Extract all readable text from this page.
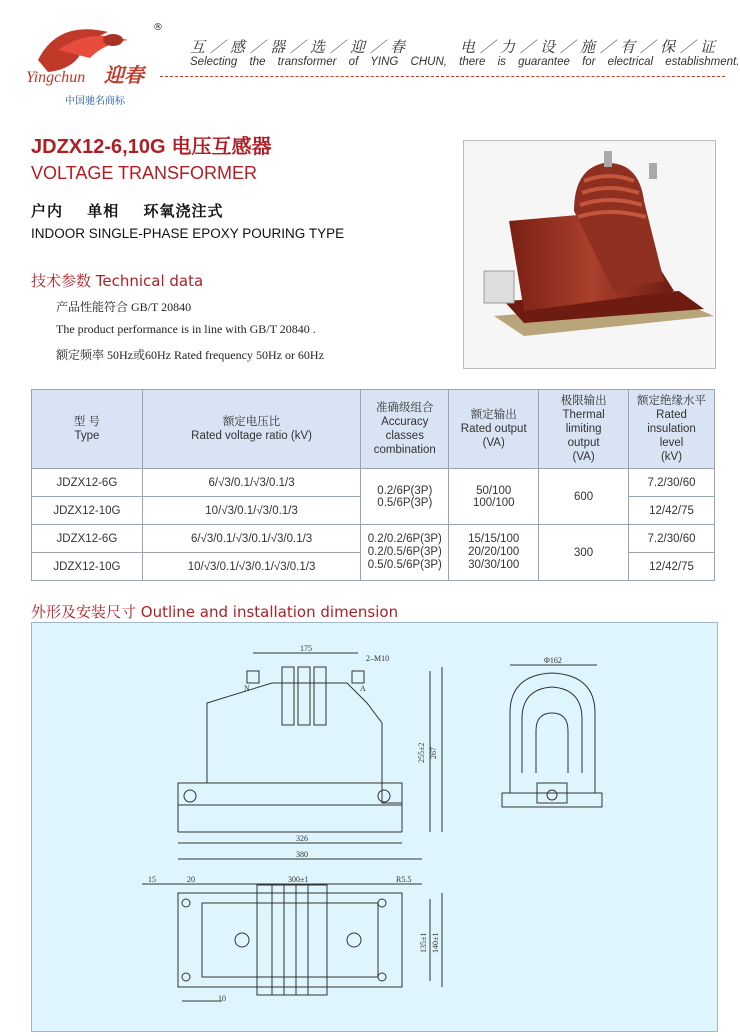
Yingchun 迎春
®
互／感／器／选／迎／春	电／力／设／施／有／保／证
Selecting the transformer of YING CHUN, there is guarantee for electrical establishment.
中国驰名商标
JDZX12-6,10G 电压互感器
VOLTAGE TRANSFORMER
户内 单相 环氧浇注式
INDOOR SINGLE-PHASE EPOXY POURING TYPE
技术参数 Technical data
产品性能符合 GB/T 20840
The product performance is in line with GB/T 20840 .
额定频率 50Hz或60Hz Rated frequency 50Hz or 60Hz
型 号
Type	额定电压比
Rated voltage ratio (kV)	准确级组合
Accuracy
classes
combination	额定输出
Rated output
(VA)	极限输出
Thermal
limiting
output
(VA)	额定绝缘水平
Rated
insulation
level
(kV)
JDZX12-6G	6/√3/0.1/√3/0.1/3	0.2/6P(3P)
0.5/6P(3P)	50/100
100/100	600	7.2/30/60
JDZX12-10G	10/√3/0.1/√3/0.1/3				12/42/75
JDZX12-6G	6/√3/0.1/√3/0.1/√3/0.1/3	0.2/0.2/6P(3P)
0.2/0.5/6P(3P)
0.5/0.5/6P(3P)	15/15/100
20/20/100
30/30/100	300	7.2/30/60
JDZX12-10G	10/√3/0.1/√3/0.1/√3/0.1/3				12/42/75
外形及安装尺寸 Outline and installation dimension
175
2–M10
N	A
255±2 267
326
380
Φ162
15	20	300±1	R5.5
135±1 140±1
10
